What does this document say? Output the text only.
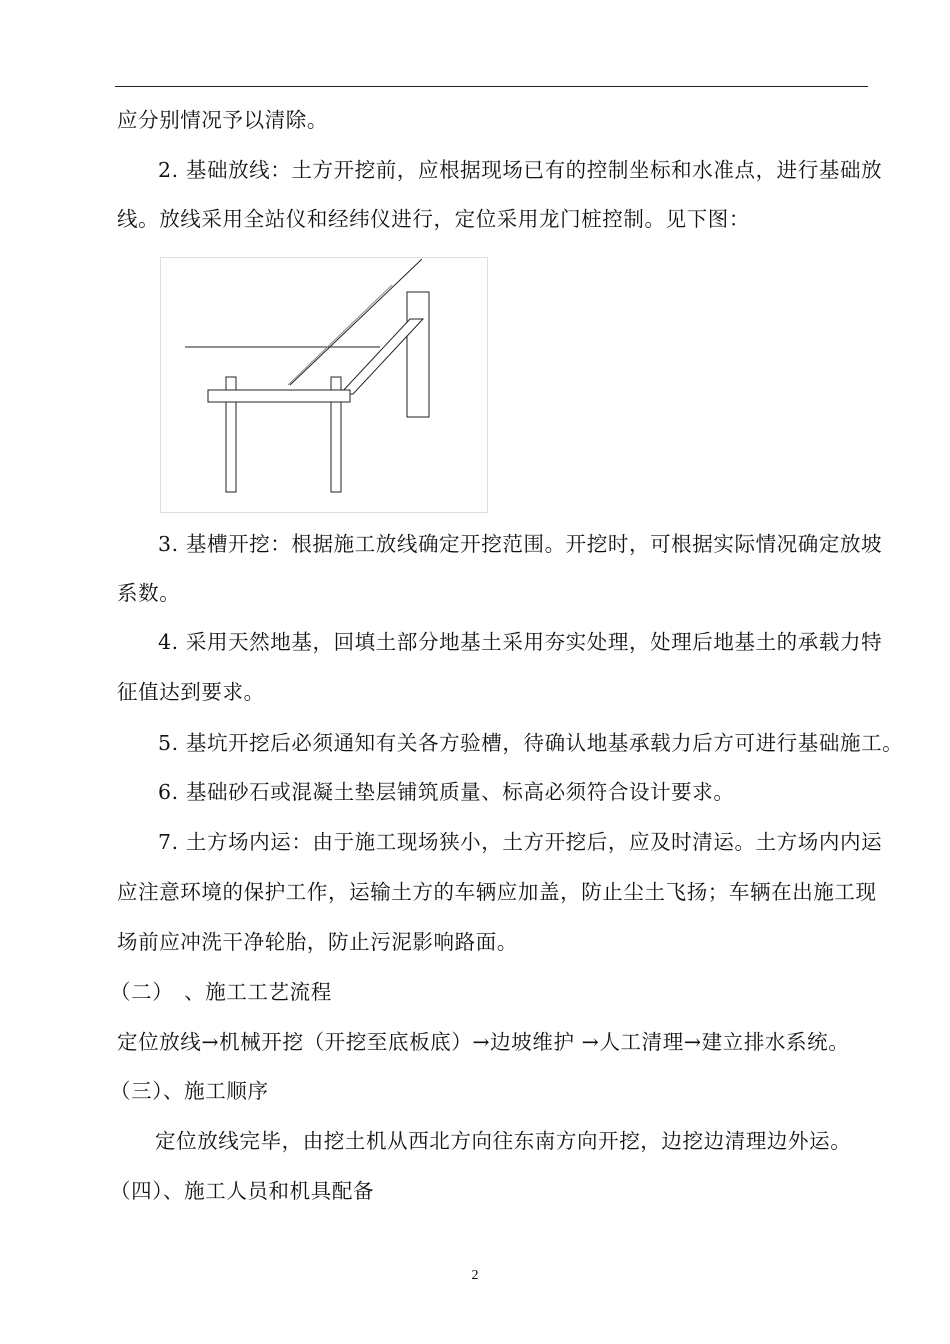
应分别情况予以清除。
2. 基础放线：土方开挖前，应根据现场已有的控制坐标和水准点，进行基础放
线。放线采用全站仪和经纬仪进行，定位采用龙门桩控制。见下图：
3. 基槽开挖：根据施工放线确定开挖范围。开挖时，可根据实际情况确定放坡
系数。
4. 采用天然地基，回填土部分地基土采用夯实处理，处理后地基土的承载力特
征值达到要求。
5. 基坑开挖后必须通知有关各方验槽，待确认地基承载力后方可进行基础施工。
6. 基础砂石或混凝土垫层铺筑质量、标高必须符合设计要求。
7. 土方场内运：由于施工现场狭小，土方开挖后，应及时清运。土方场内内运
应注意环境的保护工作，运输土方的车辆应加盖，防止尘土飞扬；车辆在出施工现
场前应冲洗干净轮胎，防止污泥影响路面。
（二）　、施工工艺流程
定位放线→机械开挖（开挖至底板底）→边坡维护 →人工清理→建立排水系统。
（三）、施工顺序
定位放线完毕，由挖土机从西北方向往东南方向开挖，边挖边清理边外运。
（四）、施工人员和机具配备
2
